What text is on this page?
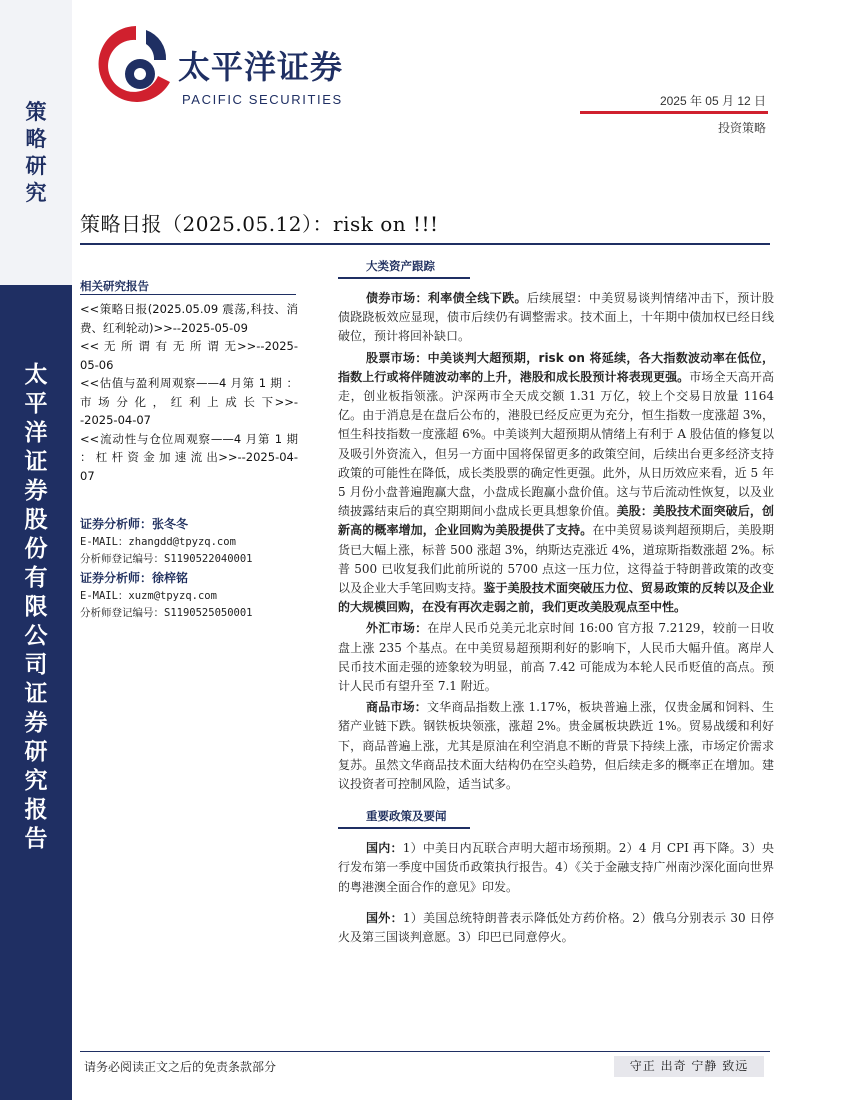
策略研究
太平洋证券股份有限公司证券研究报告
太平洋证券
PACIFIC SECURITIES	2025 年 05 月 12 日
投资策略
策略日报（2025.05.12）：risk on !!!
相关研究报告
<<策略日报(2025.05.09 震荡,科技、消费、红利轮动)>>--2025-05-09
<< 无 所 谓 有 无 所 谓 无>>--2025-05-06
<<估值与盈利周观察——4 月第 1 期 ： 市 场 分 化 ， 红 利 上 成 长 下>>--2025-04-07
<<流动性与仓位周观察——4 月第 1 期 ： 杠 杆 资 金 加 速 流 出>>--2025-04-07
证券分析师：张冬冬
E-MAIL：zhangdd@tpyzq.com
分析师登记编号：S1190522040001
证券分析师：徐梓铭
E-MAIL：xuzm@tpyzq.com
分析师登记编号：S1190525050001
大类资产跟踪

债券市场：利率债全线下跌。后续展望：中美贸易谈判情绪冲击下，预计股债跷跷板效应显现，债市后续仍有调整需求。技术面上，十年期中债加权已经日线破位，预计将回补缺口。

股票市场：中美谈判大超预期，risk on 将延续，各大指数波动率在低位，指数上行或将伴随波动率的上升，港股和成长股预计将表现更强。市场全天高开高走，创业板指领涨。沪深两市全天成交额 1.31 万亿，较上个交易日放量 1164 亿。由于消息是在盘后公布的，港股已经反应更为充分，恒生指数一度涨超 3%，恒生科技指数一度涨超 6%。中美谈判大超预期从情绪上有利于 A 股估值的修复以及吸引外资流入，但另一方面中国将保留更多的政策空间，后续出台更多经济支持政策的可能性在降低，成长类股票的确定性更强。此外，从日历效应来看，近 5 年 5 月份小盘普遍跑赢大盘，小盘成长跑赢小盘价值。这与节后流动性恢复，以及业绩披露结束后的真空期期间小盘成长更具想象价值。美股：美股技术面突破后，创新高的概率增加，企业回购为美股提供了支持。在中美贸易谈判超预期后，美股期货已大幅上涨，标普 500 涨超 3%，纳斯达克涨近 4%，道琼斯指数涨超 2%。标普 500 已收复我们此前所说的 5700 点这一压力位，这得益于特朗普政策的改变以及企业大手笔回购支持。鉴于美股技术面突破压力位、贸易政策的反转以及企业的大规模回购，在没有再次走弱之前，我们更改美股观点至中性。

外汇市场：在岸人民币兑美元北京时间 16:00 官方报 7.2129，较前一日收盘上涨 235 个基点。在中美贸易超预期利好的影响下，人民币大幅升值。离岸人民币技术面走强的迹象较为明显，前高 7.42 可能成为本轮人民币贬值的高点。预计人民币有望升至 7.1 附近。

商品市场：文华商品指数上涨 1.17%，板块普遍上涨，仅贵金属和饲料、生猪产业链下跌。钢铁板块领涨，涨超 2%。贵金属板块跌近 1%。贸易战缓和利好下，商品普遍上涨，尤其是原油在利空消息不断的背景下持续上涨，市场定价需求复苏。虽然文华商品技术面大结构仍在空头趋势，但后续走多的概率正在增加。建议投资者可控制风险，适当试多。

重要政策及要闻

国内：1）中美日内瓦联合声明大超市场预期。2）4 月 CPI 再下降。3）央行发布第一季度中国货币政策执行报告。4）《关于金融支持广州南沙深化面向世界的粤港澳全面合作的意见》印发。

国外：1）美国总统特朗普表示降低处方药价格。2）俄乌分别表示 30 日停火及第三国谈判意愿。3）印巴已同意停火。

请务必阅读正文之后的免责条款部分	守正 出奇 宁静 致远
